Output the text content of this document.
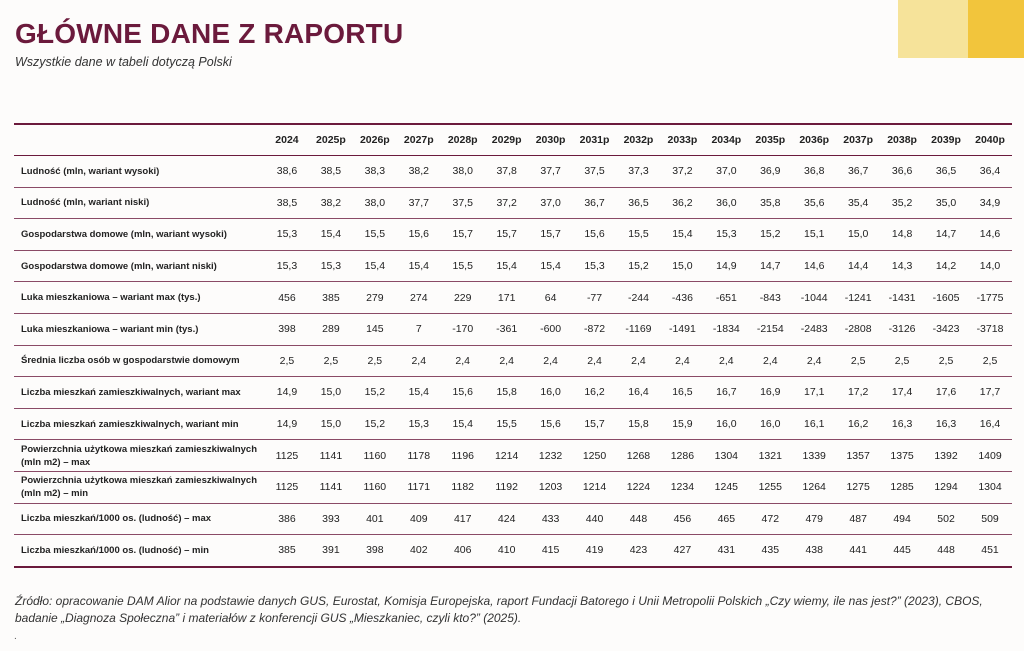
GŁÓWNE DANE Z RAPORTU
Wszystkie dane w tabeli dotyczą Polski
	2024	2025p	2026p	2027p	2028p	2029p	2030p	2031p	2032p	2033p	2034p	2035p	2036p	2037p	2038p	2039p	2040p
Ludność (mln, wariant wysoki)	38,6	38,5	38,3	38,2	38,0	37,8	37,7	37,5	37,3	37,2	37,0	36,9	36,8	36,7	36,6	36,5	36,4
Ludność (mln, wariant niski)	38,5	38,2	38,0	37,7	37,5	37,2	37,0	36,7	36,5	36,2	36,0	35,8	35,6	35,4	35,2	35,0	34,9
Gospodarstwa domowe (mln, wariant wysoki)	15,3	15,4	15,5	15,6	15,7	15,7	15,7	15,6	15,5	15,4	15,3	15,2	15,1	15,0	14,8	14,7	14,6
Gospodarstwa domowe (mln, wariant niski)	15,3	15,3	15,4	15,4	15,5	15,4	15,4	15,3	15,2	15,0	14,9	14,7	14,6	14,4	14,3	14,2	14,0
Luka mieszkaniowa – wariant max (tys.)	456	385	279	274	229	171	64	-77	-244	-436	-651	-843	-1044	-1241	-1431	-1605	-1775
Luka mieszkaniowa – wariant min (tys.)	398	289	145	7	-170	-361	-600	-872	-1169	-1491	-1834	-2154	-2483	-2808	-3126	-3423	-3718
Średnia liczba osób w gospodarstwie domowym	2,5	2,5	2,5	2,4	2,4	2,4	2,4	2,4	2,4	2,4	2,4	2,4	2,4	2,5	2,5	2,5	2,5
Liczba mieszkań zamieszkiwalnych, wariant max	14,9	15,0	15,2	15,4	15,6	15,8	16,0	16,2	16,4	16,5	16,7	16,9	17,1	17,2	17,4	17,6	17,7
Liczba mieszkań zamieszkiwalnych, wariant min	14,9	15,0	15,2	15,3	15,4	15,5	15,6	15,7	15,8	15,9	16,0	16,0	16,1	16,2	16,3	16,3	16,4
Powierzchnia użytkowa mieszkań zamieszkiwalnych (mln m2) – max	1125	1141	1160	1178	1196	1214	1232	1250	1268	1286	1304	1321	1339	1357	1375	1392	1409
Powierzchnia użytkowa mieszkań zamieszkiwalnych (mln m2) – min	1125	1141	1160	1171	1182	1192	1203	1214	1224	1234	1245	1255	1264	1275	1285	1294	1304
Liczba mieszkań/1000 os. (ludność) – max	386	393	401	409	417	424	433	440	448	456	465	472	479	487	494	502	509
Liczba mieszkań/1000 os. (ludność) – min	385	391	398	402	406	410	415	419	423	427	431	435	438	441	445	448	451
Źródło: opracowanie DAM Alior na podstawie danych GUS, Eurostat, Komisja Europejska, raport Fundacji Batorego i Unii Metropolii Polskich „Czy wiemy, ile nas jest?” (2023), CBOS, badanie „Diagnoza Społeczna” i materiałów z konferencji GUS „Mieszkaniec, czyli kto?” (2025).
.
